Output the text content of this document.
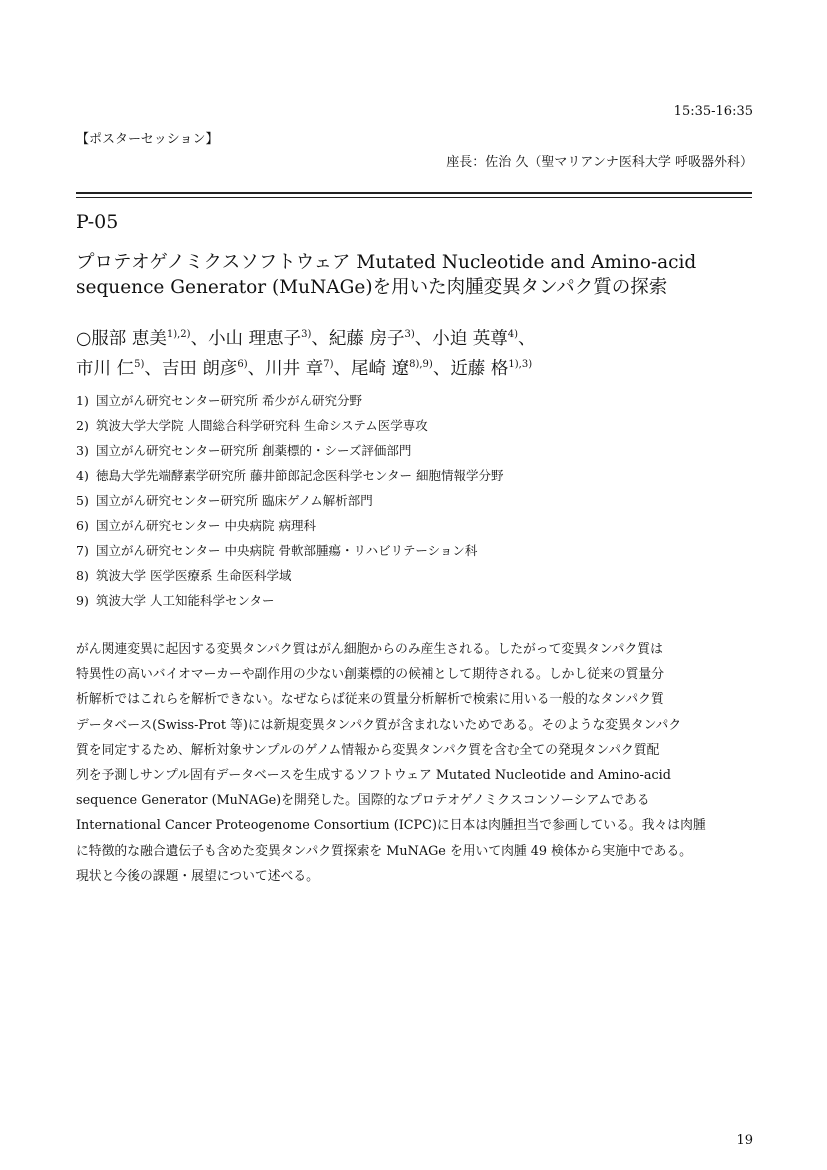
15:35-16:35
【ポスターセッション】
座長：佐治 久（聖マリアンナ医科大学 呼吸器外科）
P-05
プロテオゲノミクスソフトウェア Mutated Nucleotide and Amino-acid
sequence Generator (MuNAGe)を用いた肉腫変異タンパク質の探索
○服部 恵美$^{1),2)}$、小山 理恵子$^{3)}$、紀藤 房子$^{3)}$、小迫 英尊$^{4)}$、
市川 仁$^{5)}$、吉田 朗彦$^{6)}$、川井 章$^{7)}$、尾崎 遼$^{8),9)}$、近藤 格$^{1),3)}$
1) 国立がん研究センター研究所 希少がん研究分野
2) 筑波大学大学院 人間総合科学研究科 生命システム医学専攻
3) 国立がん研究センター研究所 創薬標的・シーズ評価部門
4) 徳島大学先端酵素学研究所 藤井節郎記念医科学センター 細胞情報学分野
5) 国立がん研究センター研究所 臨床ゲノム解析部門
6) 国立がん研究センター 中央病院 病理科
7) 国立がん研究センター 中央病院 骨軟部腫瘍・リハビリテーション科
8) 筑波大学 医学医療系 生命医科学域
9) 筑波大学 人工知能科学センター
がん関連変異に起因する変異タンパク質はがん細胞からのみ産生される。したがって変異タンパク質は
特異性の高いバイオマーカーや副作用の少ない創薬標的の候補として期待される。しかし従来の質量分
析解析ではこれらを解析できない。なぜならば従来の質量分析解析で検索に用いる一般的なタンパク質
データベース(Swiss-Prot 等)には新規変異タンパク質が含まれないためである。そのような変異タンパク
質を同定するため、解析対象サンプルのゲノム情報から変異タンパク質を含む全ての発現タンパク質配
列を予測しサンプル固有データベースを生成するソフトウェア Mutated Nucleotide and Amino-acid
sequence Generator (MuNAGe)を開発した。国際的なプロテオゲノミクスコンソーシアムである
International Cancer Proteogenome Consortium (ICPC)に日本は肉腫担当で参画している。我々は肉腫
に特徴的な融合遺伝子も含めた変異タンパク質探索を MuNAGe を用いて肉腫 49 検体から実施中である。
現状と今後の課題・展望について述べる。
19
